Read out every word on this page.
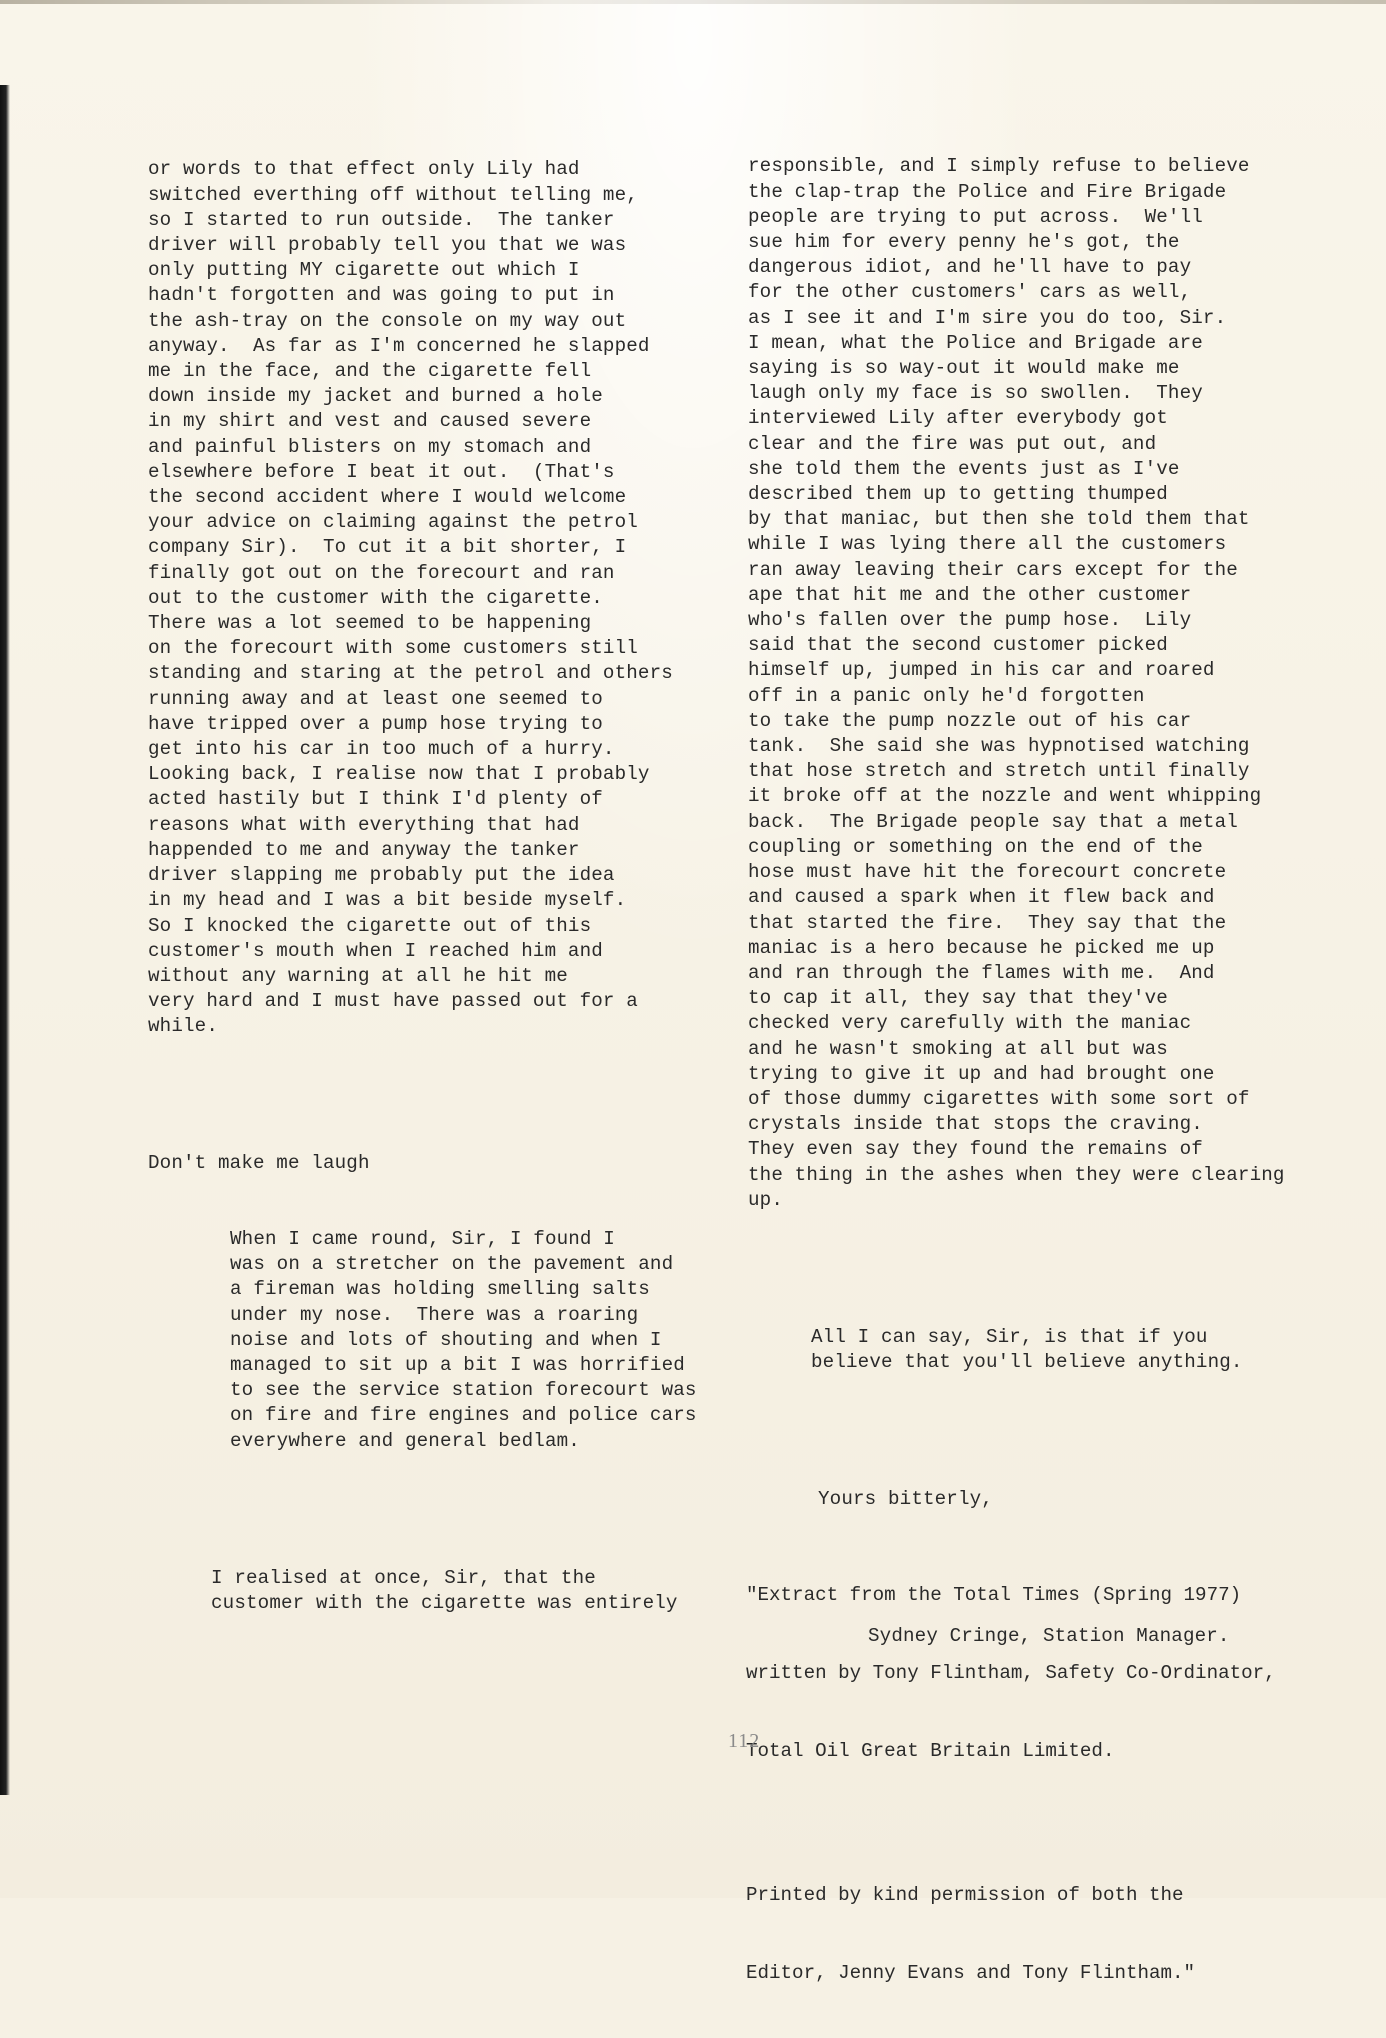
or words to that effect only Lily had

switched everthing off without telling me,

so I started to run outside.  The tanker

driver will probably tell you that we was

only putting MY cigarette out which I

hadn't forgotten and was going to put in

the ash-tray on the console on my way out

anyway.  As far as I'm concerned he slapped

me in the face, and the cigarette fell

down inside my jacket and burned a hole

in my shirt and vest and caused severe

and painful blisters on my stomach and

elsewhere before I beat it out.  (That's

the second accident where I would welcome

your advice on claiming against the petrol

company Sir).  To cut it a bit shorter, I

finally got out on the forecourt and ran

out to the customer with the cigarette.

There was a lot seemed to be happening

on the forecourt with some customers still

standing and staring at the petrol and others

running away and at least one seemed to

have tripped over a pump hose trying to

get into his car in too much of a hurry.

Looking back, I realise now that I probably

acted hastily but I think I'd plenty of

reasons what with everything that had

happended to me and anyway the tanker

driver slapping me probably put the idea

in my head and I was a bit beside myself.

So I knocked the cigarette out of this

customer's mouth when I reached him and

without any warning at all he hit me

very hard and I must have passed out for a

while.

Don't make me laugh

When I came round, Sir, I found I

was on a stretcher on the pavement and

a fireman was holding smelling salts

under my nose.  There was a roaring

noise and lots of shouting and when I

managed to sit up a bit I was horrified

to see the service station forecourt was

on fire and fire engines and police cars

everywhere and general bedlam.

I realised at once, Sir, that the

customer with the cigarette was entirely

responsible, and I simply refuse to believe

the clap-trap the Police and Fire Brigade

people are trying to put across.  We'll

sue him for every penny he's got, the

dangerous idiot, and he'll have to pay

for the other customers' cars as well,

as I see it and I'm sire you do too, Sir.

I mean, what the Police and Brigade are

saying is so way-out it would make me

laugh only my face is so swollen.  They

interviewed Lily after everybody got

clear and the fire was put out, and

she told them the events just as I've

described them up to getting thumped

by that maniac, but then she told them that

while I was lying there all the customers

ran away leaving their cars except for the

ape that hit me and the other customer

who's fallen over the pump hose.  Lily

said that the second customer picked

himself up, jumped in his car and roared

off in a panic only he'd forgotten

to take the pump nozzle out of his car

tank.  She said she was hypnotised watching

that hose stretch and stretch until finally

it broke off at the nozzle and went whipping

back.  The Brigade people say that a metal

coupling or something on the end of the

hose must have hit the forecourt concrete

and caused a spark when it flew back and

that started the fire.  They say that the

maniac is a hero because he picked me up

and ran through the flames with me.  And

to cap it all, they say that they've

checked very carefully with the maniac

and he wasn't smoking at all but was

trying to give it up and had brought one

of those dummy cigarettes with some sort of

crystals inside that stops the craving.

They even say they found the remains of

the thing in the ashes when they were clearing

up.

All I can say, Sir, is that if you

believe that you'll believe anything.

Yours bitterly,

Sydney Cringe, Station Manager.

"Extract from the Total Times (Spring 1977)

written by Tony Flintham, Safety Co-Ordinator,

Total Oil Great Britain Limited.

Printed by kind permission of both the

Editor, Jenny Evans and Tony Flintham."

112
